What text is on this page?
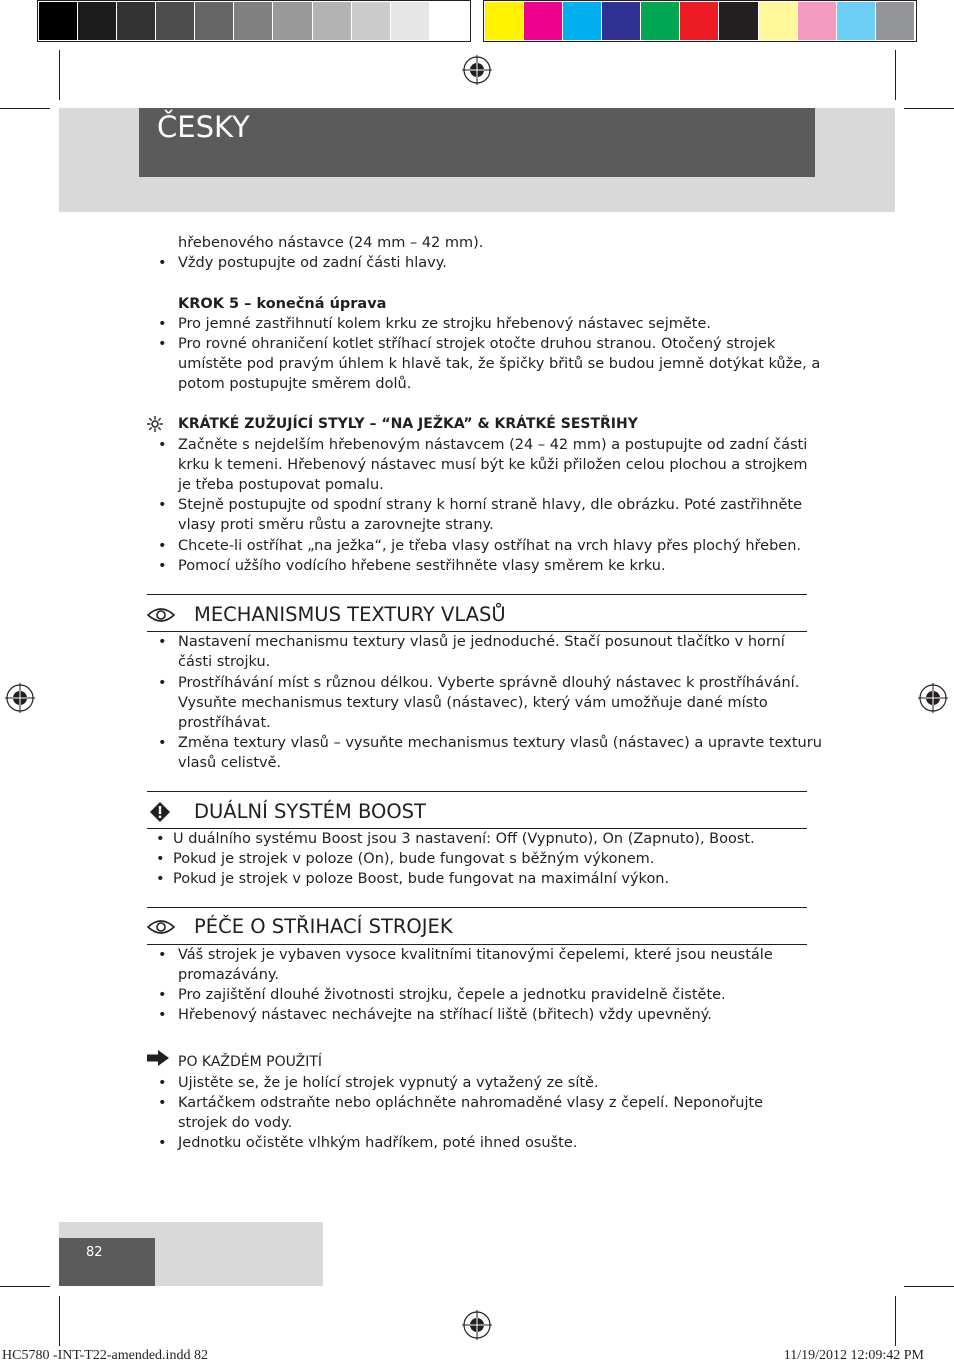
ČESKY
hřebenového nástavce (24 mm – 42 mm).
• Vždy postupujte od zadní části hlavy.
KROK 5 – konečná úprava
• Pro jemné zastřihnutí kolem krku ze strojku hřebenový nástavec sejměte.
• Pro rovné ohraničení kotlet stříhací strojek otočte druhou stranou. Otočený strojek
umístěte pod pravým úhlem k hlavě tak, že špičky břitů se budou jemně dotýkat kůže, a
potom postupujte směrem dolů.
KRÁTKÉ ZUŽUJÍCÍ STYLY – “NA JEŽKA” & KRÁTKÉ SESTŘIHY
• Začněte s nejdelším hřebenovým nástavcem (24 – 42 mm) a postupujte od zadní části
krku k temeni. Hřebenový nástavec musí být ke kůži přiložen celou plochou a strojkem
je třeba postupovat pomalu.
• Stejně postupujte od spodní strany k horní straně hlavy, dle obrázku. Poté zastřihněte
vlasy proti směru růstu a zarovnejte strany.
• Chcete-li ostříhat „na ježka“, je třeba vlasy ostříhat na vrch hlavy přes plochý hřeben.
• Pomocí užšího vodícího hřebene sestřihněte vlasy směrem ke krku.
MECHANISMUS TEXTURY VLASŮ
• Nastavení mechanismu textury vlasů je jednoduché. Stačí posunout tlačítko v horní
části strojku.
• Prostříhávání míst s různou délkou. Vyberte správně dlouhý nástavec k prostříhávání.
Vysuňte mechanismus textury vlasů (nástavec), který vám umožňuje dané místo
prostříhávat.
• Změna textury vlasů – vysuňte mechanismus textury vlasů (nástavec) a upravte texturu
vlasů celistvě.
DUÁLNÍ SYSTÉM BOOST
• U duálního systému Boost jsou 3 nastavení: Off (Vypnuto), On (Zapnuto), Boost.
• Pokud je strojek v poloze (On), bude fungovat s běžným výkonem.
• Pokud je strojek v poloze Boost, bude fungovat na maximální výkon.
PÉČE O STŘIHACÍ STROJEK
• Váš strojek je vybaven vysoce kvalitními titanovými čepelemi, které jsou neustále
promazávány.
• Pro zajištění dlouhé životnosti strojku, čepele a jednotku pravidelně čistěte.
• Hřebenový nástavec nechávejte na stříhací liště (břitech) vždy upevněný.
PO KAŽDÉM POUŽITÍ
• Ujistěte se, že je holící strojek vypnutý a vytažený ze sítě.
• Kartáčkem odstraňte nebo opláchněte nahromaděné vlasy z čepelí. Neponořujte
strojek do vody.
• Jednotku očistěte vlhkým hadříkem, poté ihned osušte.
82
HC5780 -INT-T22-amended.indd 82	11/19/2012 12:09:42 PM
